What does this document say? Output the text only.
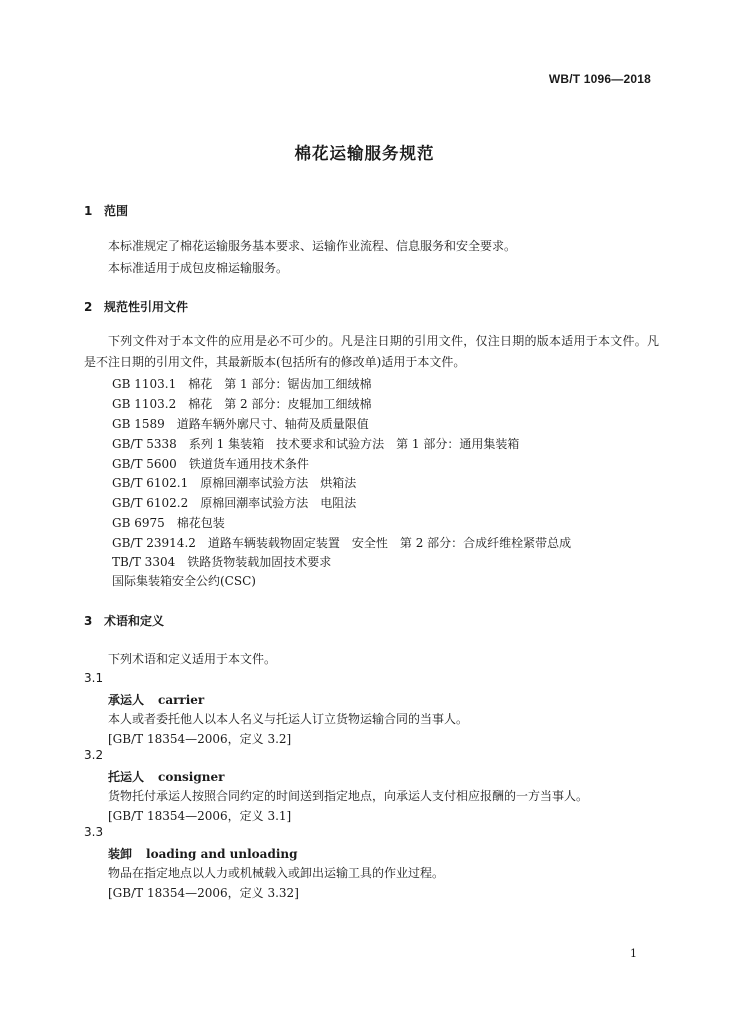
WB/T 1096—2018
棉花运输服务规范
1 范围
本标准规定了棉花运输服务基本要求、运输作业流程、信息服务和安全要求。
本标准适用于成包皮棉运输服务。
2 规范性引用文件
下列文件对于本文件的应用是必不可少的。凡是注日期的引用文件，仅注日期的版本适用于本文件。凡是不注日期的引用文件，其最新版本(包括所有的修改单)适用于本文件。
GB 1103.1 棉花　第 1 部分：锯齿加工细绒棉
GB 1103.2 棉花　第 2 部分：皮辊加工细绒棉
GB 1589 道路车辆外廓尺寸、轴荷及质量限值
GB/T 5338 系列 1 集装箱　技术要求和试验方法　第 1 部分：通用集装箱
GB/T 5600 铁道货车通用技术条件
GB/T 6102.1 原棉回潮率试验方法　烘箱法
GB/T 6102.2 原棉回潮率试验方法　电阻法
GB 6975 棉花包装
GB/T 23914.2 道路车辆装载物固定装置　安全性　第 2 部分：合成纤维栓紧带总成
TB/T 3304 铁路货物装载加固技术要求
国际集装箱安全公约(CSC)
3 术语和定义
下列术语和定义适用于本文件。
3.1
承运人 carrier
本人或者委托他人以本人名义与托运人订立货物运输合同的当事人。
[GB/T 18354—2006，定义 3.2]
3.2
托运人 consigner
货物托付承运人按照合同约定的时间送到指定地点，向承运人支付相应报酬的一方当事人。
[GB/T 18354—2006，定义 3.1]
3.3
装卸 loading and unloading
物品在指定地点以人力或机械载入或卸出运输工具的作业过程。
[GB/T 18354—2006，定义 3.32]
1
